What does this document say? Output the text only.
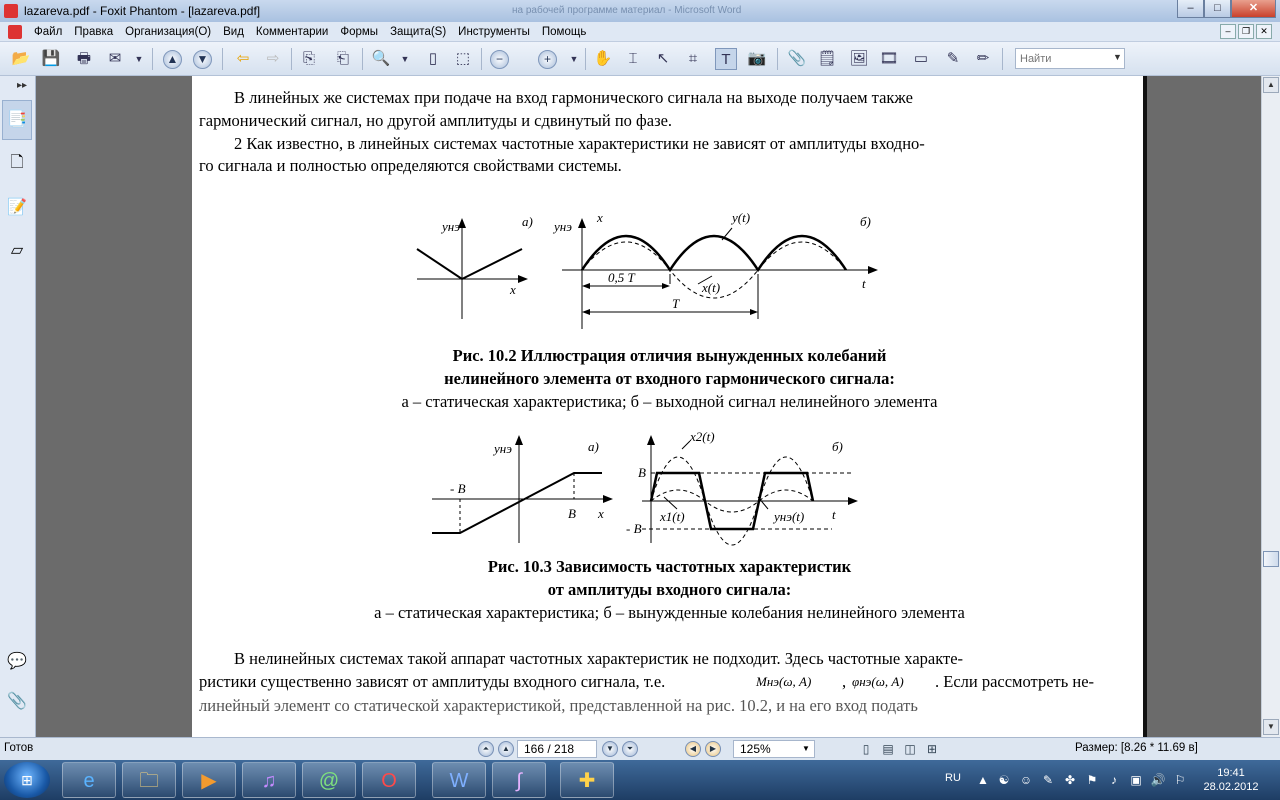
lazareva.pdf - Foxit Phantom - [lazareva.pdf]	на рабочей программе материал - Microsoft Word	–	□	✕
Файл	Правка	Организация(O)	Вид	Комментарии	Формы	Защита(S)	Инструменты	Помощь	–	❐	✕
📂 💾 🖶	✉	▼	▲ ▼	⇦	⇨	⎘	⎗	🔍	▼	▯	⬚	−	+	▼	✋	⌶	↖	⌗	T	📷 📎 🗒 🖼 🎞 ▭	✎	✏
Найти	▼
▸▸
📑
🗋
📝
▱
💬
📎
В линейных же системах при подаче на вход гармонического сигнала на выходе получаем также
гармонический сигнал, но другой амплитуды и сдвинутый по фазе.
2 Как известно, в линейных системах частотные характеристики не зависят от амплитуды входно-
го сигнала и полностью определяются свойствами системы.
yнэ
x
а) yнэ
x	y(t)
x(t)	t
0,5 T
T
б)
Рис. 10.2 Иллюстрация отличия вынужденных колебаний
нелинейного элемента от входного гармонического сигнала:
а – статическая характеристика; б – выходной сигнал нелинейного элемента
yнэ
x
- B
B
а)
B
- B
x2(t)
x1(t)	yнэ(t) t
б)
Рис. 10.3 Зависимость частотных характеристик
от амплитуды входного сигнала:
а – статическая характеристика; б – вынужденные колебания нелинейного элемента
В нелинейных системах такой аппарат частотных характеристик не подходит. Здесь частотные характе-
ристики существенно зависят от амплитуды входного сигнала, т.е.	Mнэ(ω, A) , φнэ(ω, A) . Если рассмотреть не-
линейный элемент со статической характеристикой, представленной на рис. 10.2, и на его вход подать
▲
▼
Готов	⏶	▲	166 / 218	▼	⏷	◀	▶	125%	▼	▯	▤ ◫ ⊞	Размер: [8.26 * 11.69 в]
⊞	e	🗀	▶	♫	@	O	W	∫	✚	RU ▲ ☯ ☺ ✎ ✤ ⚑	♪	▣ 🔊 ⚐	19:41
28.02.2012
